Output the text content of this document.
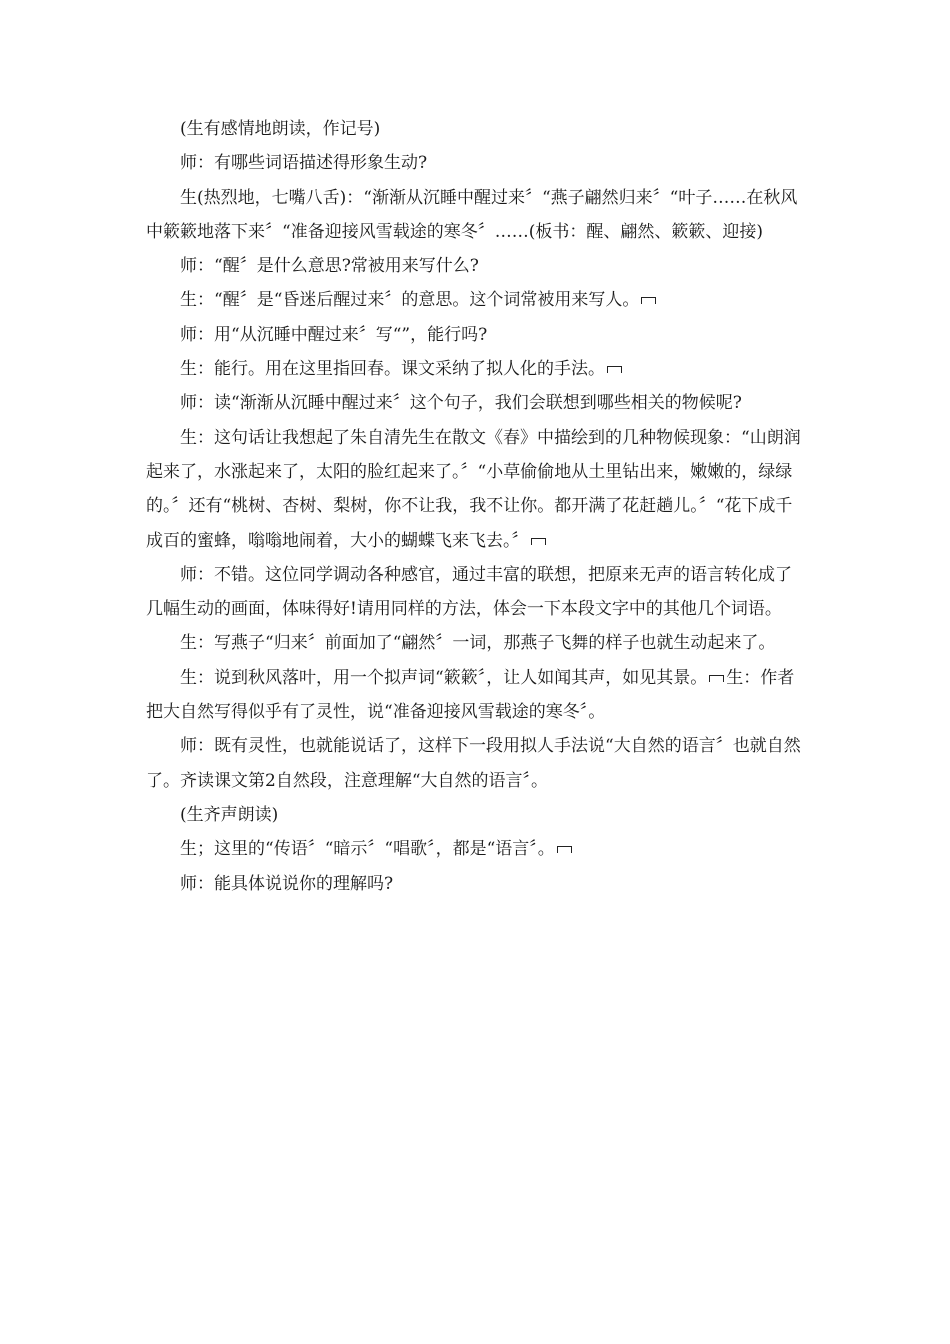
(生有感情地朗读，作记号)

师：有哪些词语描述得形象生动?

生(热烈地，七嘴八舌)：“渐渐从沉睡中醒过来〞“燕子翩然归来〞“叶子……在秋风中簌簌地落下来〞“准备迎接风雪载途的寒冬〞……(板书：醒、翩然、簌簌、迎接)

师：“醒〞是什么意思?常被用来写什么?

生：“醒〞是“昏迷后醒过来〞的意思。这个词常被用来写人。

师：用“从沉睡中醒过来〞写“”，能行吗?

生：能行。用在这里指回春。课文采纳了拟人化的手法。

师：读“渐渐从沉睡中醒过来〞这个句子，我们会联想到哪些相关的物候呢?

生：这句话让我想起了朱自清先生在散文《春》中描绘到的几种物候现象：“山朗润起来了，水涨起来了，太阳的脸红起来了。〞“小草偷偷地从土里钻出来，嫩嫩的，绿绿的。〞还有“桃树、杏树、梨树，你不让我，我不让你。都开满了花赶趟儿。〞“花下成千成百的蜜蜂，嗡嗡地闹着，大小的蝴蝶飞来飞去。〞

师：不错。这位同学调动各种感官，通过丰富的联想，把原来无声的语言转化成了几幅生动的画面，体味得好!请用同样的方法，体会一下本段文字中的其他几个词语。

生：写燕子“归来〞前面加了“翩然〞一词，那燕子飞舞的样子也就生动起来了。

生：说到秋风落叶，用一个拟声词“簌簌〞，让人如闻其声，如见其景。 生：作者把大自然写得似乎有了灵性，说“准备迎接风雪载途的寒冬〞。

师：既有灵性，也就能说话了，这样下一段用拟人手法说“大自然的语言〞也就自然了。齐读课文第2自然段，注意理解“大自然的语言〞。

(生齐声朗读)

生；这里的“传语〞“暗示〞“唱歌〞，都是“语言〞。

师：能具体说说你的理解吗?
